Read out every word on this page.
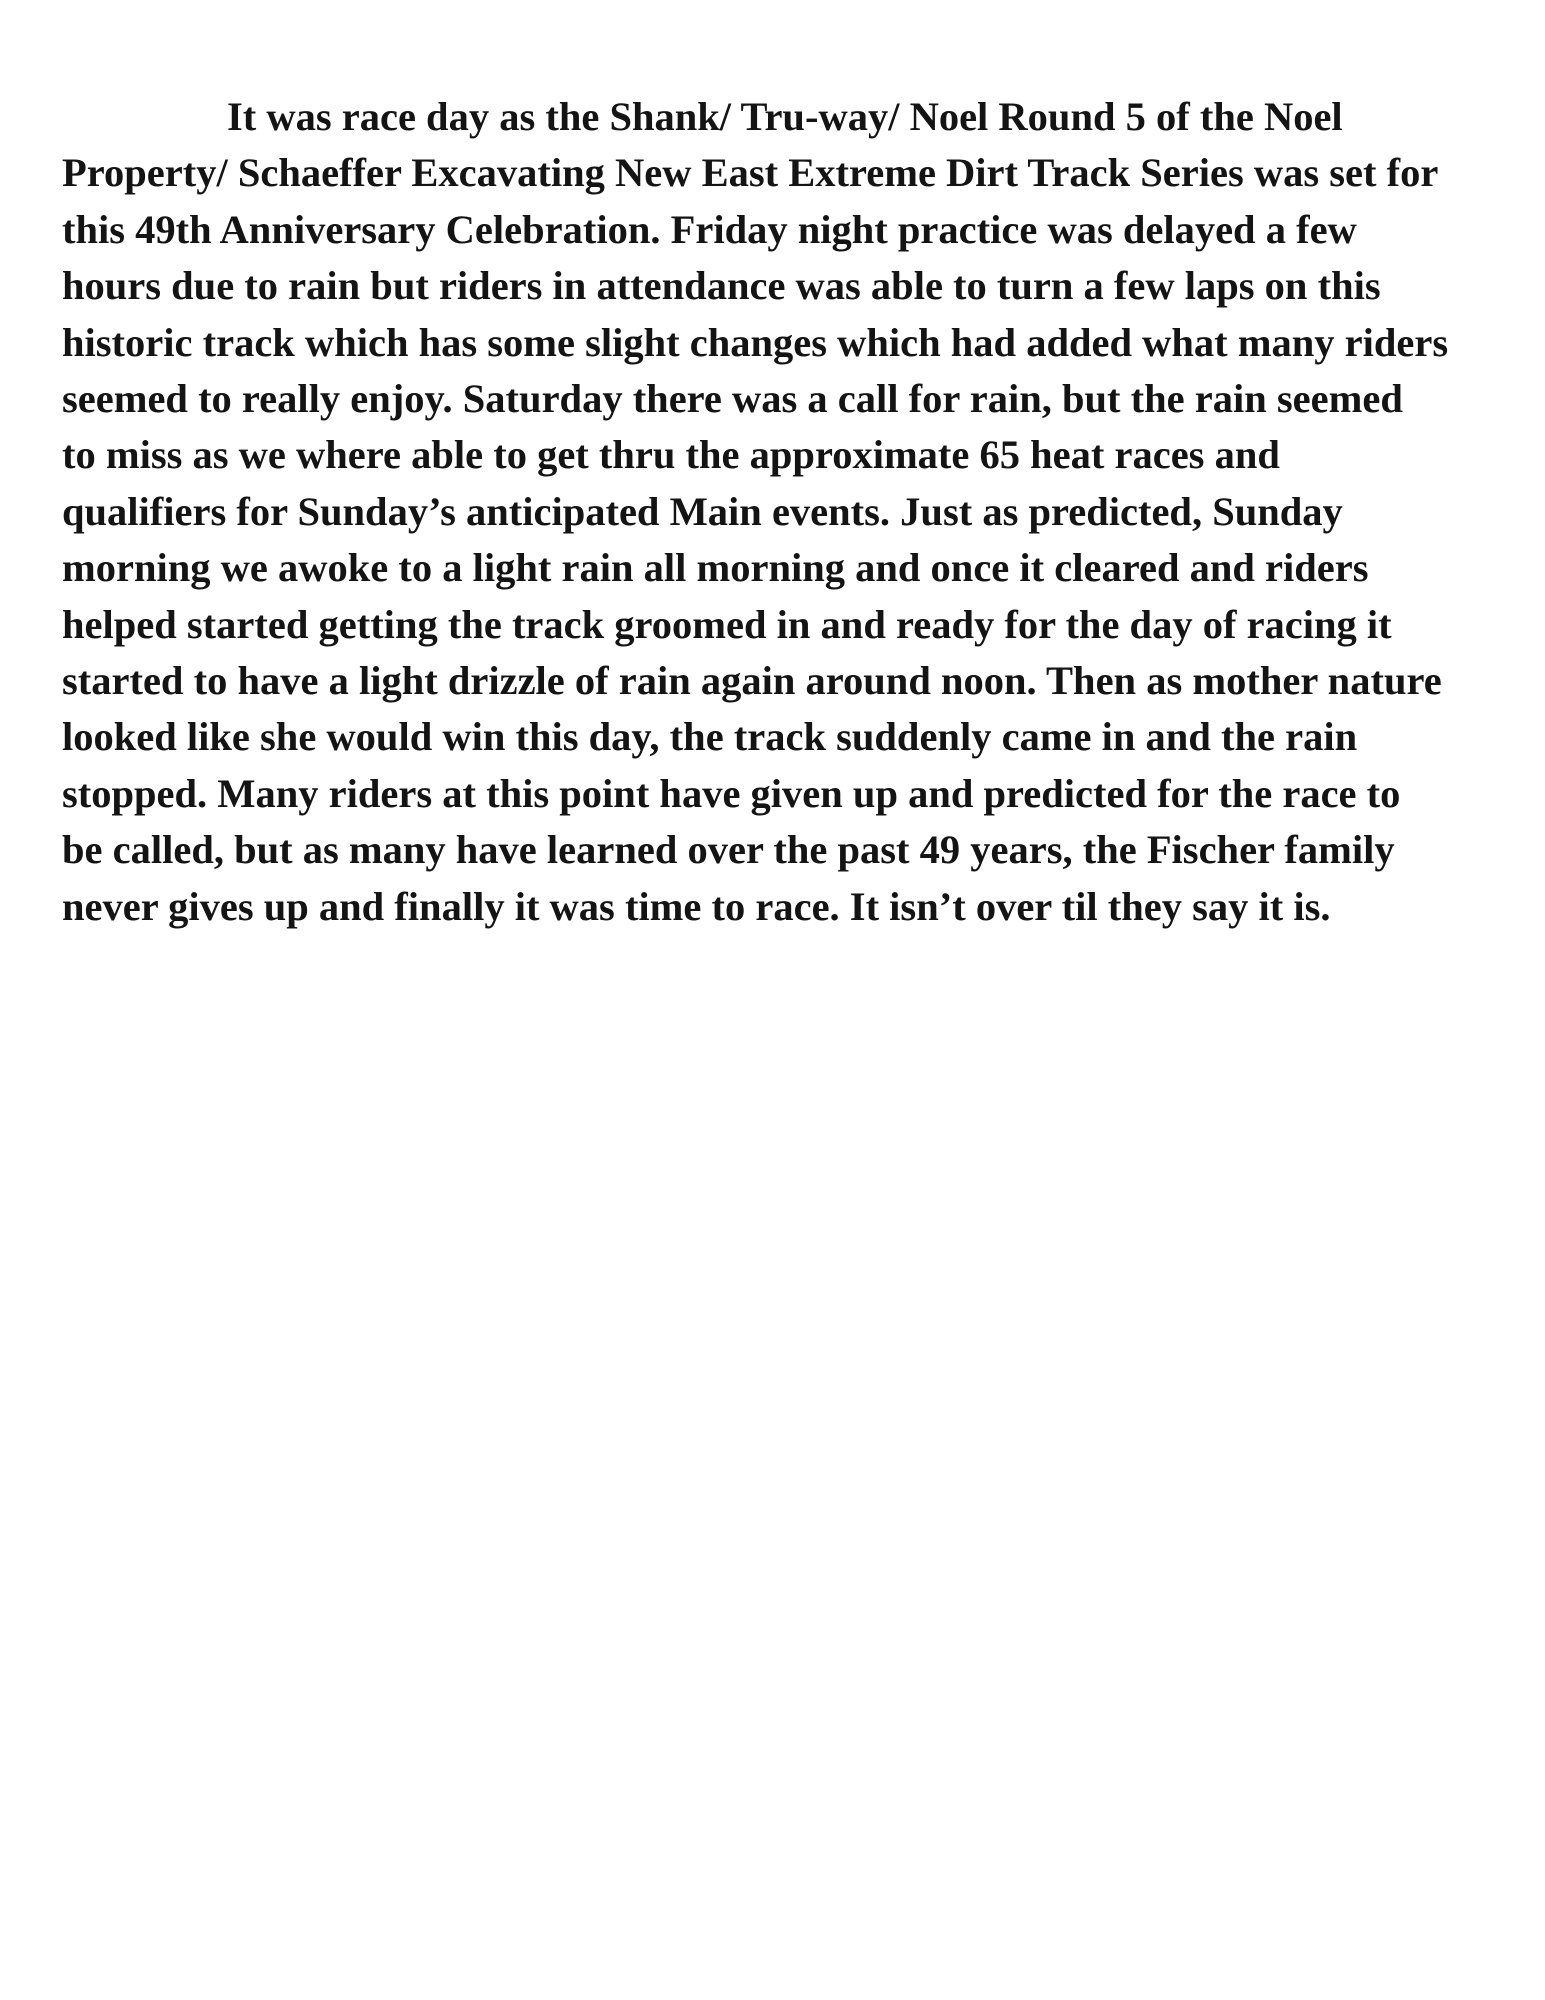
It was race day as the Shank/ Tru-way/ Noel Round 5 of the Noel
Property/ Schaeffer Excavating New East Extreme Dirt Track Series was set for
this 49th Anniversary Celebration. Friday night practice was delayed a few
hours due to rain but riders in attendance was able to turn a few laps on this
historic track which has some slight changes which had added what many riders
seemed to really enjoy. Saturday there was a call for rain, but the rain seemed
to miss as we where able to get thru the approximate 65 heat races and
qualifiers for Sunday’s anticipated Main events. Just as predicted, Sunday
morning we awoke to a light rain all morning and once it cleared and riders
helped started getting the track groomed in and ready for the day of racing it
started to have a light drizzle of rain again around noon. Then as mother nature
looked like she would win this day, the track suddenly came in and the rain
stopped. Many riders at this point have given up and predicted for the race to
be called, but as many have learned over the past 49 years, the Fischer family
never gives up and finally it was time to race. It isn’t over til they say it is.
